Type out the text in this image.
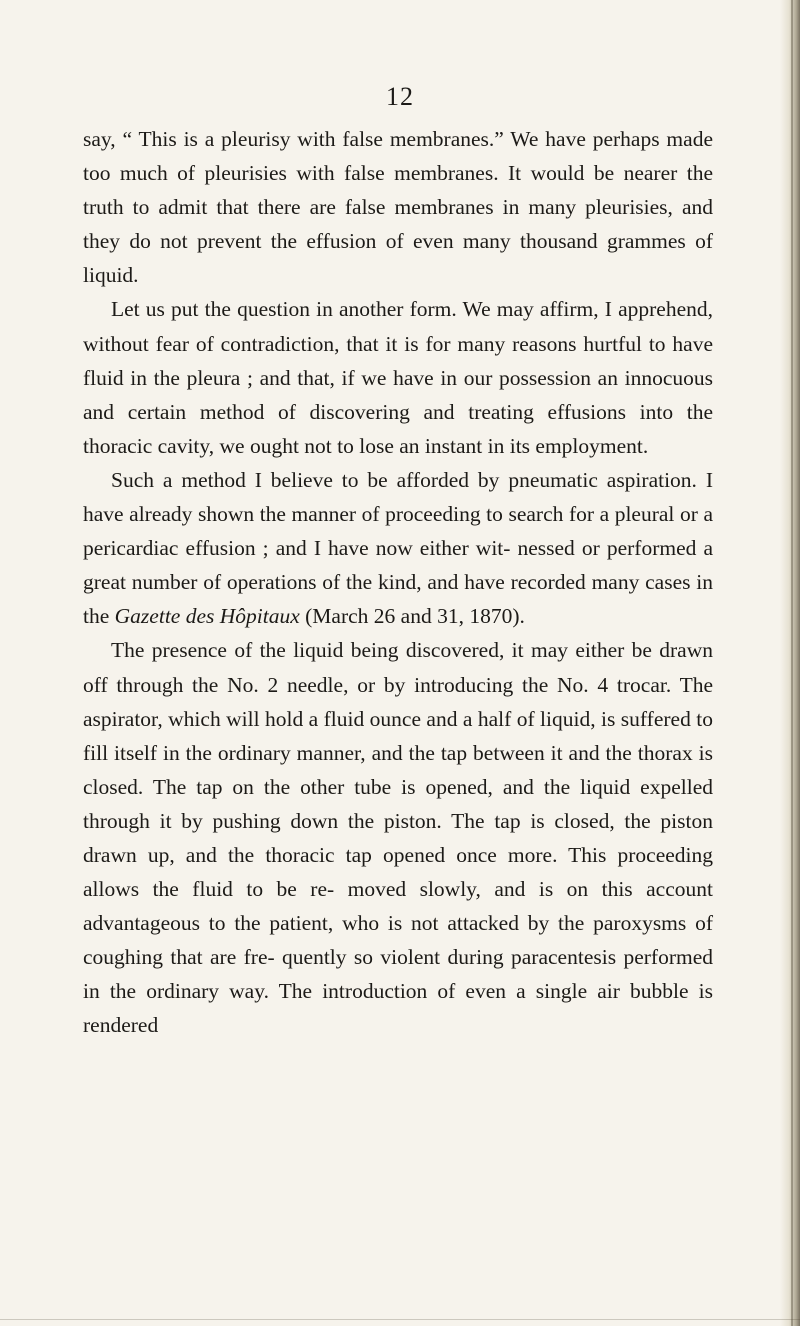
12

say, “ This is a pleurisy with false membranes.” We have perhaps made too much of pleurisies with false membranes. It would be nearer the truth to admit that there are false membranes in many pleurisies, and they do not prevent the effusion of even many thousand grammes of liquid.

Let us put the question in another form. We may affirm, I apprehend, without fear of contradiction, that it is for many reasons hurtful to have fluid in the pleura ; and that, if we have in our possession an innocuous and certain method of discovering and treating effusions into the thoracic cavity, we ought not to lose an instant in its employment.

Such a method I believe to be afforded by pneumatic aspiration. I have already shown the manner of proceeding to search for a pleural or a pericardiac effusion ; and I have now either wit- nessed or performed a great number of operations of the kind, and have recorded many cases in the Gazette des Hôpitaux (March 26 and 31, 1870).

The presence of the liquid being discovered, it may either be drawn off through the No. 2 needle, or by introducing the No. 4 trocar. The aspirator, which will hold a fluid ounce and a half of liquid, is suffered to fill itself in the ordinary manner, and the tap between it and the thorax is closed. The tap on the other tube is opened, and the liquid expelled through it by pushing down the piston. The tap is closed, the piston drawn up, and the thoracic tap opened once more. This proceeding allows the fluid to be re- moved slowly, and is on this account advantageous to the patient, who is not attacked by the paroxysms of coughing that are fre- quently so violent during paracentesis performed in the ordinary way. The introduction of even a single air bubble is rendered
